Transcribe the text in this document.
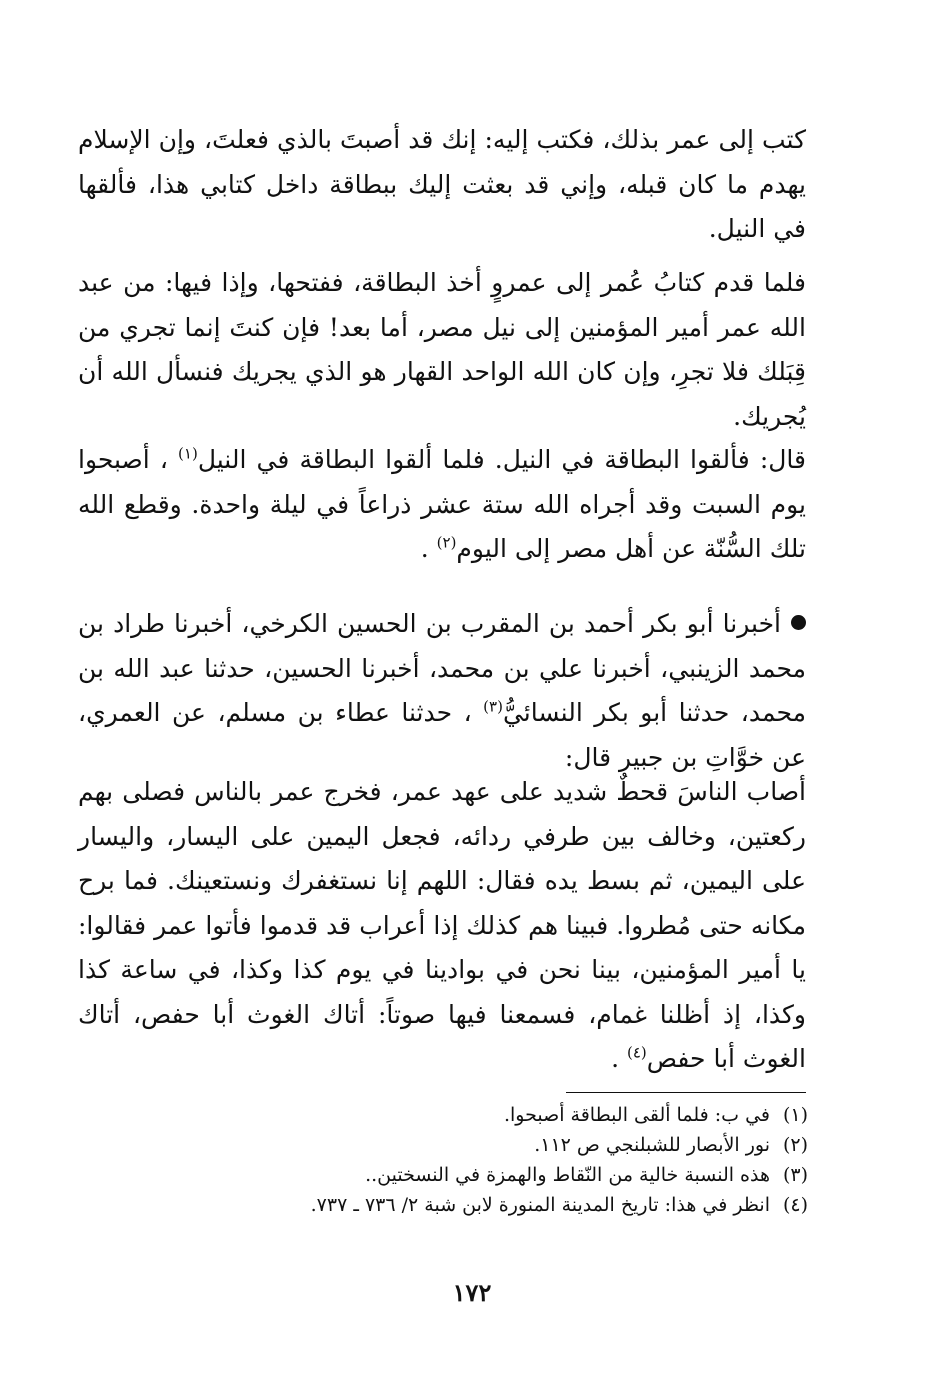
كتب إلى عمر بذلك، فكتب إليه: إنك قد أصبتَ بالذي فعلتَ، وإن الإسلام يهدم ما كان قبله، وإني قد بعثت إليك ببطاقة داخل كتابي هذا، فألقها في النيل.

فلما قدم كتابُ عُمر إلى عمروٍ أخذ البطاقة، ففتحها، وإذا فيها: من عبد الله عمر أمير المؤمنين إلى نيل مصر، أما بعد! فإن كنتَ إنما تجري من قِبَلك فلا تجرِ، وإن كان الله الواحد القهار هو الذي يجريك فنسأل الله أن يُجريك.

قال: فألقوا البطاقة في النيل. فلما ألقوا البطاقة في النيل$^{(١)}$ ، أصبحوا يوم السبت وقد أجراه الله ستة عشر ذراعاً في ليلة واحدة. وقطع الله تلك السُّنّة عن أهل مصر إلى اليوم$^{(٢)}$ .

أخبرنا أبو بكر أحمد بن المقرب بن الحسين الكرخي، أخبرنا طراد بن محمد الزينبي، أخبرنا علي بن محمد، أخبرنا الحسين، حدثنا عبد الله بن محمد، حدثنا أبو بكر النسائيُّ$^{(٣)}$ ، حدثنا عطاء بن مسلم، عن العمري، عن خوَّاتِ بن جبير قال:

أصاب الناسَ قحطٌ شديد على عهد عمر، فخرج عمر بالناس فصلى بهم ركعتين، وخالف بين طرفي ردائه، فجعل اليمين على اليسار، واليسار على اليمين، ثم بسط يده فقال: اللهم إنا نستغفرك ونستعينك. فما برح مكانه حتى مُطروا. فبينا هم كذلك إذا أعراب قد قدموا فأتوا عمر فقالوا: يا أمير المؤمنين، بينا نحن في بوادينا في يوم كذا وكذا، في ساعة كذا وكذا، إذ أظلنا غمام، فسمعنا فيها صوتاً: أتاك الغوث أبا حفص، أتاك الغوث أبا حفص$^{(٤)}$ .

(١)في ب: فلما ألقى البطاقة أصبحوا.
(٢)نور الأبصار للشبلنجي ص ١١٢.
(٣)هذه النسبة خالية من النّقاط والهمزة في النسختين..
(٤)انظر في هذا: تاريخ المدينة المنورة لابن شبة ٢/ ٧٣٦ ـ ٧٣٧.
١٧٢
